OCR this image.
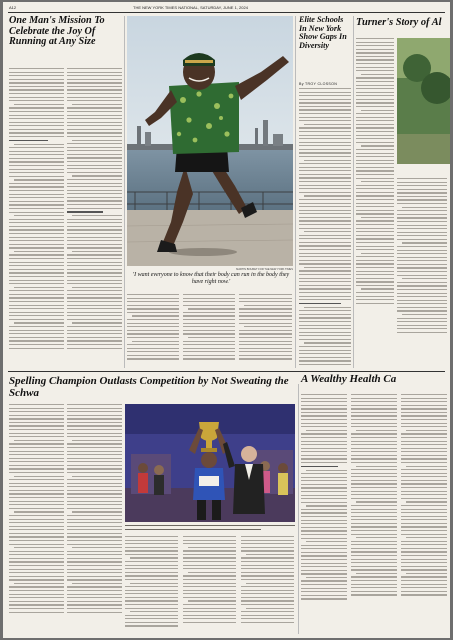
A12	THE NEW YORK TIMES NATIONAL, SATURDAY, JUNE 1, 2024
One Man's Mission To Celebrate the Joy Of Running at Any Size
MARTIN BOURET FOR THE NEW YORK TIMES
'I want everyone to know that their body can run in the body they have right now.'
Elite Schools In New York Show Gaps In Diversity
By TROY CLOSSON
Turner's Story of Al
Spelling Champion Outlasts Competition by Not Sweating the Schwa
A Wealthy Health Ca
